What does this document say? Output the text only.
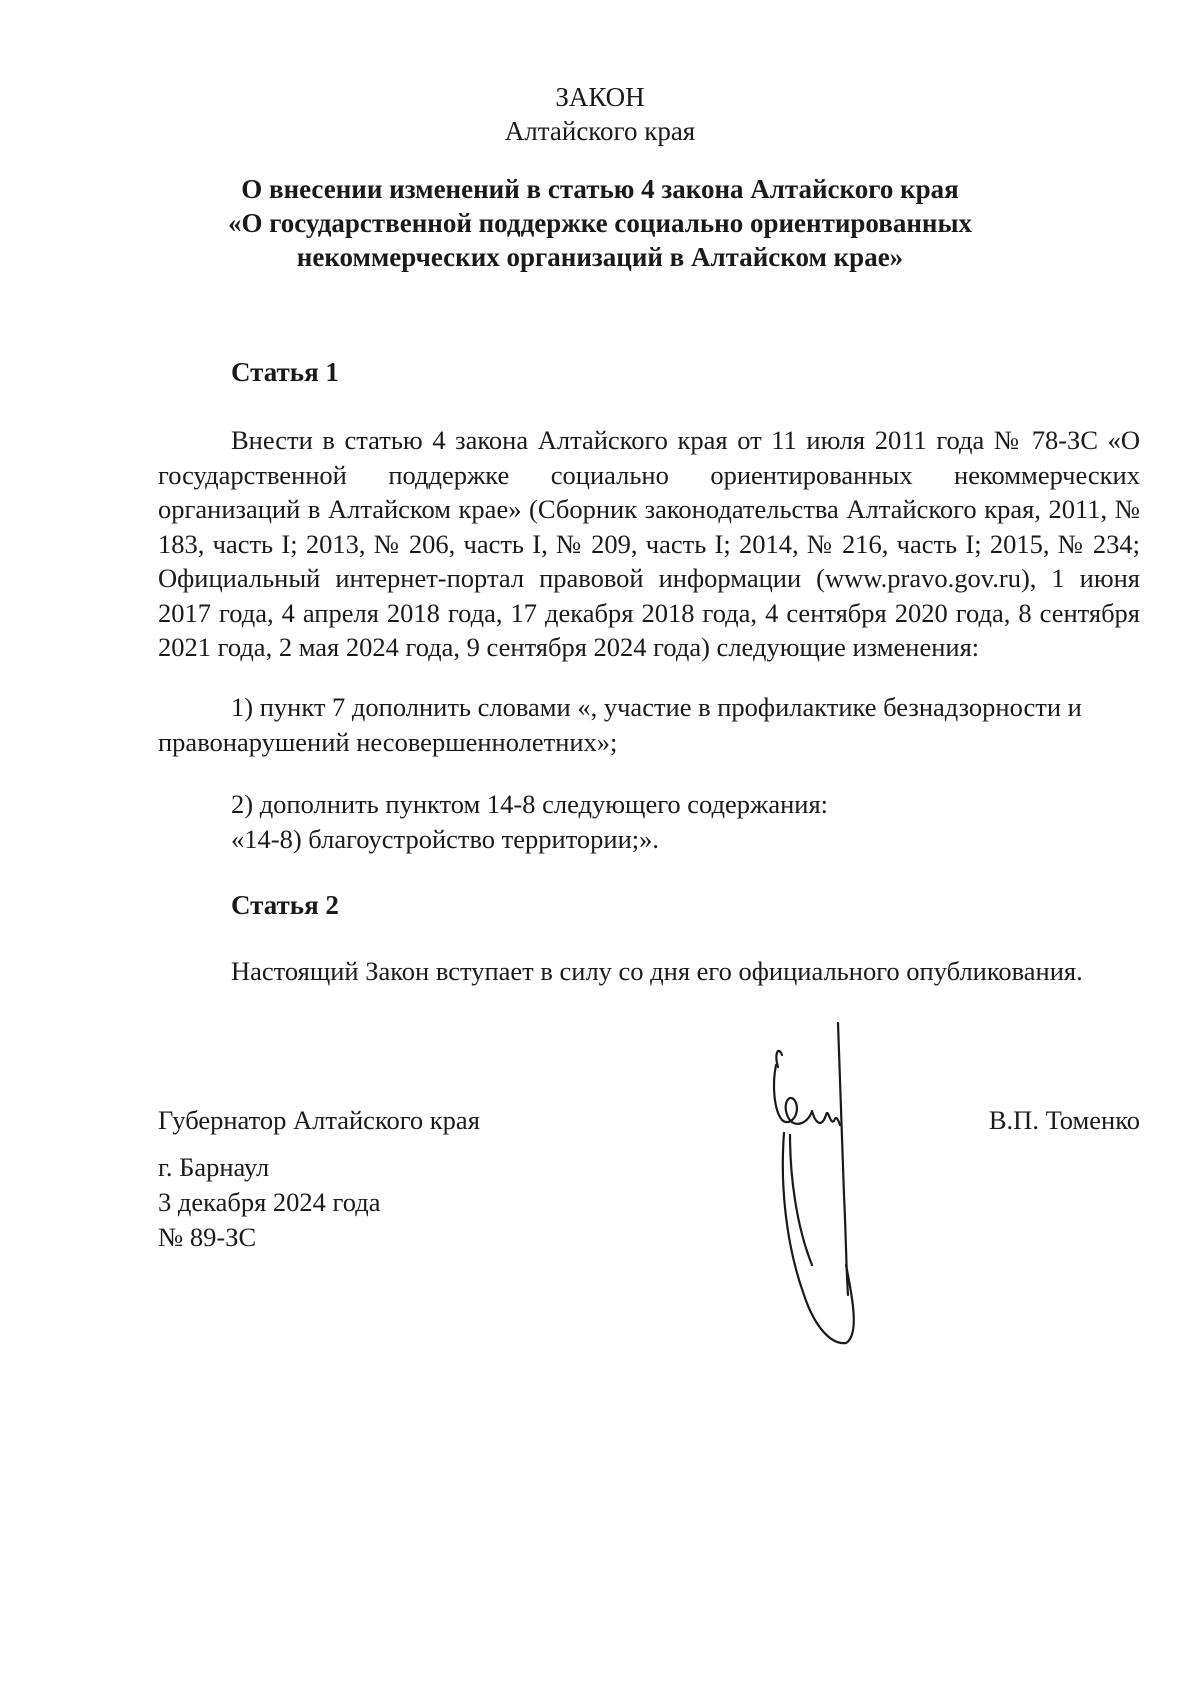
ЗАКОН
Алтайского края
О внесении изменений в статью 4 закона Алтайского края
«О государственной поддержке социально ориентированных
некоммерческих организаций в Алтайском крае»
Статья 1

Внести в статью 4 закона Алтайского края от 11 июля 2011 года № 78-ЗС «О государственной поддержке социально ориентированных некоммерческих организаций в Алтайском крае» (Сборник законодательства Алтайского края, 2011, № 183, часть I; 2013, № 206, часть I, № 209, часть I; 2014, № 216, часть I; 2015, № 234; Официальный интернет-портал правовой информации (www.pravo.gov.ru), 1 июня 2017 года, 4 апреля 2018 года, 17 декабря 2018 года, 4 сентября 2020 года, 8 сентября 2021 года, 2 мая 2024 года, 9 сентября 2024 года) следующие изменения:

1) пункт 7 дополнить словами «, участие в профилактике безнадзорности и правонарушений несовершеннолетних»;

2) дополнить пунктом 14-8 следующего содержания:
«14-8) благоустройство территории;».
Статья 2
Настоящий Закон вступает в силу со дня его официального опубликования.
Губернатор Алтайского края	В.П. Томенко
г. Барнаул
3 декабря 2024 года
№ 89-ЗС
